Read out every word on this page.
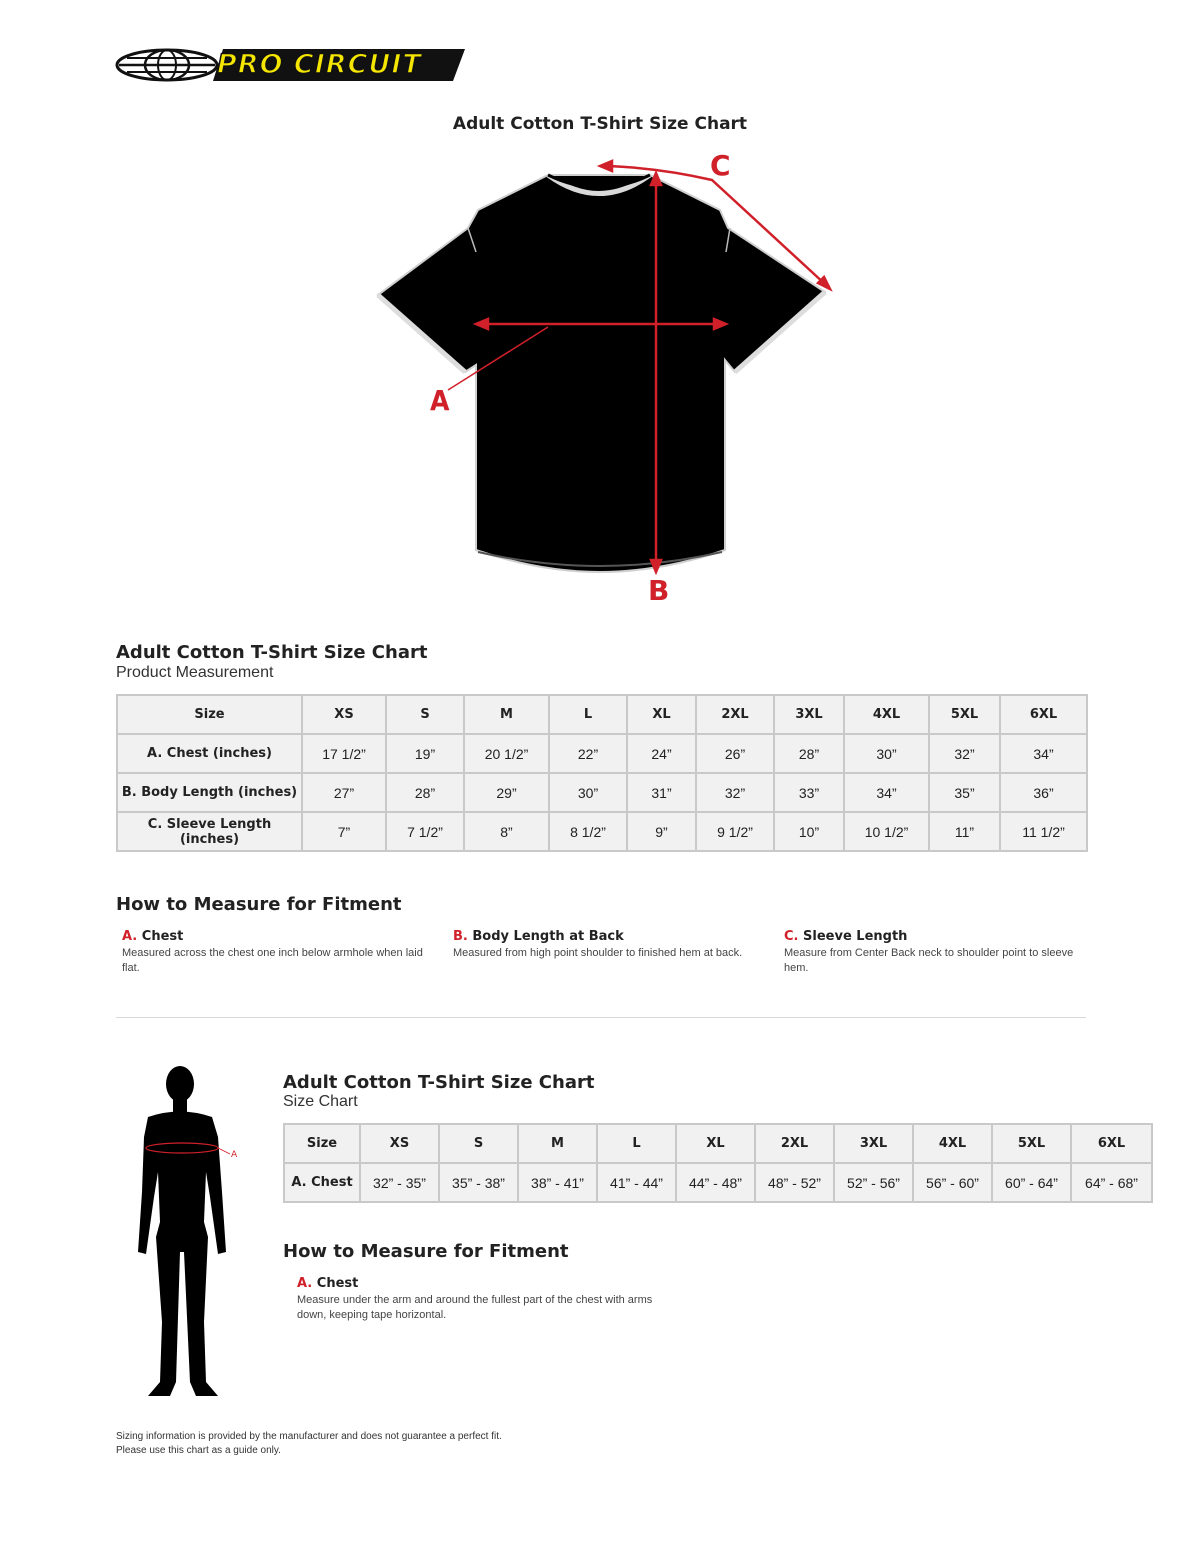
PRO CIRCUIT
Adult Cotton T-Shirt Size Chart
A
B
C
Adult Cotton T-Shirt Size Chart
Product Measurement
Size	XS	S	M	L	XL	2XL	3XL	4XL	5XL	6XL
A. Chest (inches)	17 1/2”	19”	20 1/2”	22”	24”	26”	28”	30”	32”	34”
B. Body Length (inches)	27”	28”	29”	30”	31”	32”	33”	34”	35”	36”
C. Sleeve Length (inches)	7”	7 1/2”	8”	8 1/2”	9”	9 1/2”	10”	10 1/2”	11”	11 1/2”
How to Measure for Fitment
A. Chest
Measured across the chest one inch below armhole when laid flat.
B. Body Length at Back
Measured from high point shoulder to finished hem at back.
C. Sleeve Length
Measure from Center Back neck to shoulder point to sleeve hem.
A
Adult Cotton T-Shirt Size Chart
Size Chart
Size	XS	S	M	L	XL	2XL	3XL	4XL	5XL	6XL
A. Chest	32” - 35”	35” - 38”	38” - 41”	41” - 44”	44” - 48”	48” - 52”	52” - 56”	56” - 60”	60” - 64”	64” - 68”
How to Measure for Fitment
A. Chest
Measure under the arm and around the fullest part of the chest with arms down, keeping tape horizontal.
Sizing information is provided by the manufacturer and does not guarantee a perfect fit.
Please use this chart as a guide only.
